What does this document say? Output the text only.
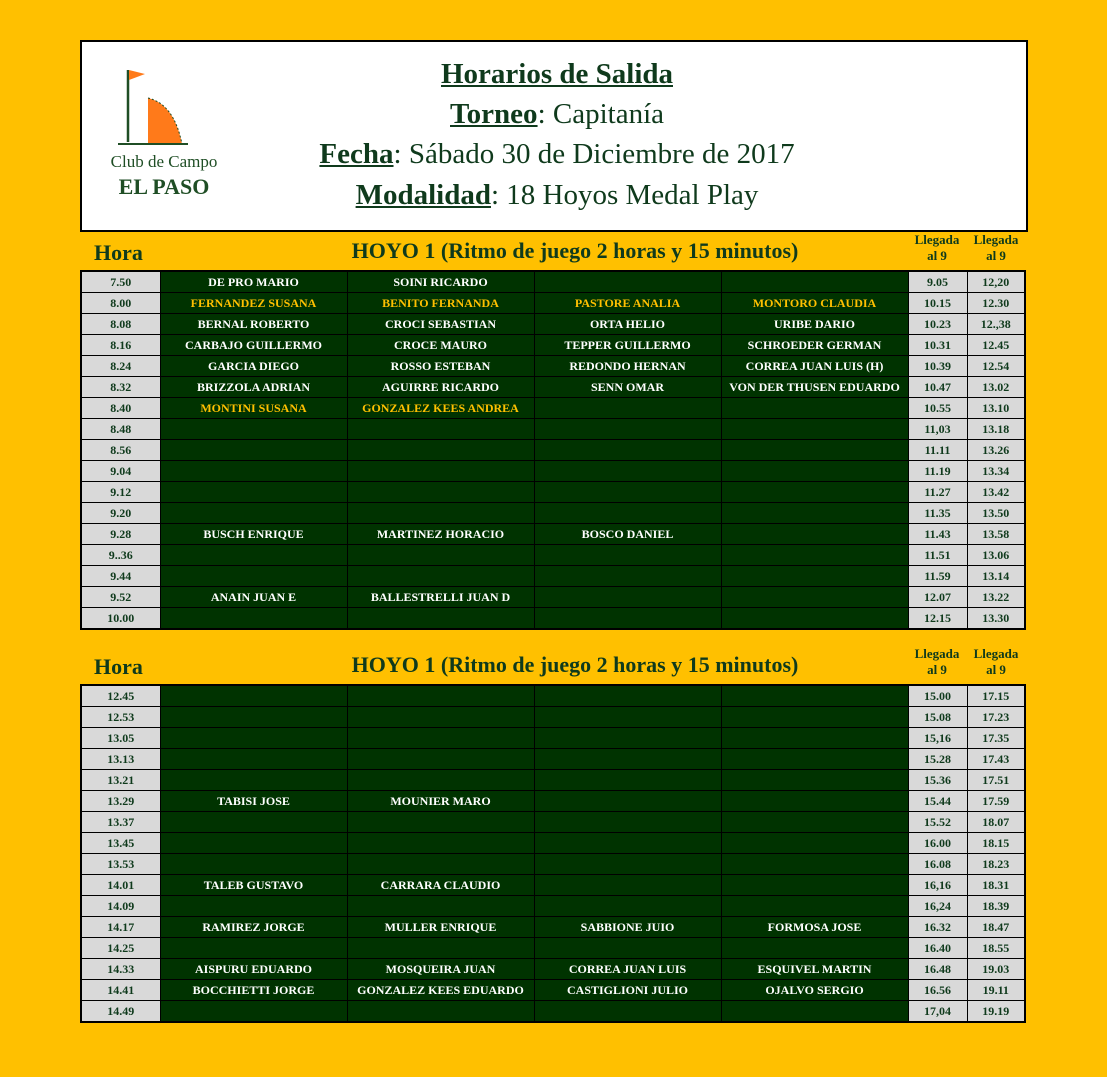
Club de Campo
EL PASO
Horarios de Salida
Torneo: Capitanía
Fecha: Sábado 30 de Diciembre de 2017
Modalidad: 18 Hoyos Medal Play
Hora	HOYO 1 (Ritmo de juego 2 horas y 15 minutos)	Llegada al 9
Llegada al 9
7.50	DE PRO MARIO	SOINI RICARDO			9.05	12,20
8.00	FERNANDEZ SUSANA	BENITO FERNANDA	PASTORE ANALIA	MONTORO CLAUDIA	10.15	12.30
8.08	BERNAL ROBERTO	CROCI SEBASTIAN	ORTA HELIO	URIBE DARIO	10.23	12.,38
8.16	CARBAJO GUILLERMO	CROCE MAURO	TEPPER GUILLERMO	SCHROEDER GERMAN	10.31	12.45
8.24	GARCIA DIEGO	ROSSO ESTEBAN	REDONDO HERNAN	CORREA JUAN LUIS (H)	10.39	12.54
8.32	BRIZZOLA ADRIAN	AGUIRRE RICARDO	SENN OMAR	VON DER THUSEN EDUARDO	10.47	13.02
8.40	MONTINI SUSANA	GONZALEZ KEES ANDREA			10.55	13.10
8.48					11,03	13.18
8.56					11.11	13.26
9.04					11.19	13.34
9.12					11.27	13.42
9.20					11.35	13.50
9.28	BUSCH ENRIQUE	MARTINEZ HORACIO	BOSCO DANIEL		11.43	13.58
9..36					11.51	13.06
9.44					11.59	13.14
9.52	ANAIN JUAN E	BALLESTRELLI JUAN D			12.07	13.22
10.00					12.15	13.30
Hora	HOYO 1 (Ritmo de juego 2 horas y 15 minutos)	Llegada al 9
Llegada al 9
12.45					15.00	17.15
12.53					15.08	17.23
13.05					15,16	17.35
13.13					15.28	17.43
13.21					15.36	17.51
13.29	TABISI JOSE	MOUNIER MARO			15.44	17.59
13.37					15.52	18.07
13.45					16.00	18.15
13.53					16.08	18.23
14.01	TALEB GUSTAVO	CARRARA CLAUDIO			16,16	18.31
14.09					16,24	18.39
14.17	RAMIREZ JORGE	MULLER ENRIQUE	SABBIONE JUIO	FORMOSA JOSE	16.32	18.47
14.25					16.40	18.55
14.33	AISPURU EDUARDO	MOSQUEIRA JUAN	CORREA JUAN LUIS	ESQUIVEL MARTIN	16.48	19.03
14.41	BOCCHIETTI JORGE	GONZALEZ KEES EDUARDO	CASTIGLIONI JULIO	OJALVO SERGIO	16.56	19.11
14.49					17,04	19.19
